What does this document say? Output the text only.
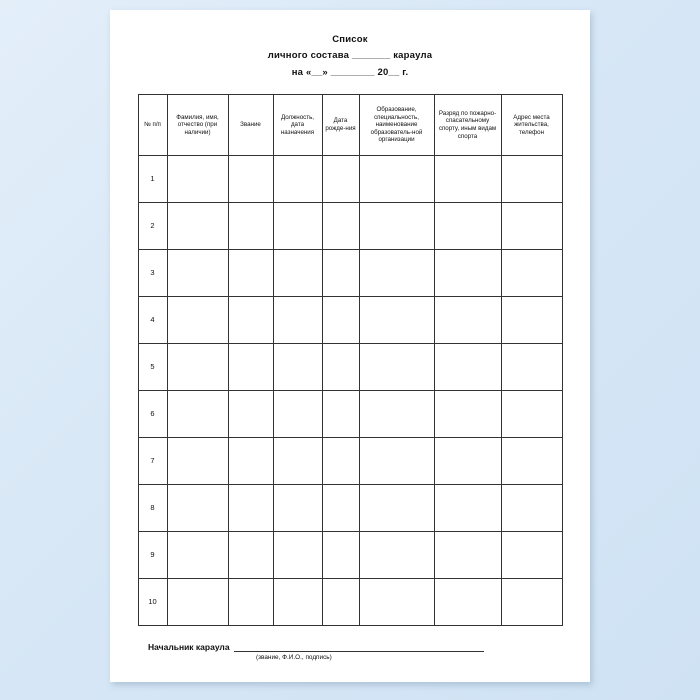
Список
личного состава _______ караула
на «__» ________ 20__ г.
№ п/п	Фамилия, имя, отчество (при наличии)	Звание	Должность, дата назначения	Дата рожде-ния	Образование, специальность, наименование образователь-ной организации	Разряд по пожарно-спасательному спорту, иным видам спорта	Адрес места жительства, телефон
1							
2							
3							
4							
5							
6							
7							
8							
9							
10							
Начальник караула
(звание, Ф.И.О., подпись)
